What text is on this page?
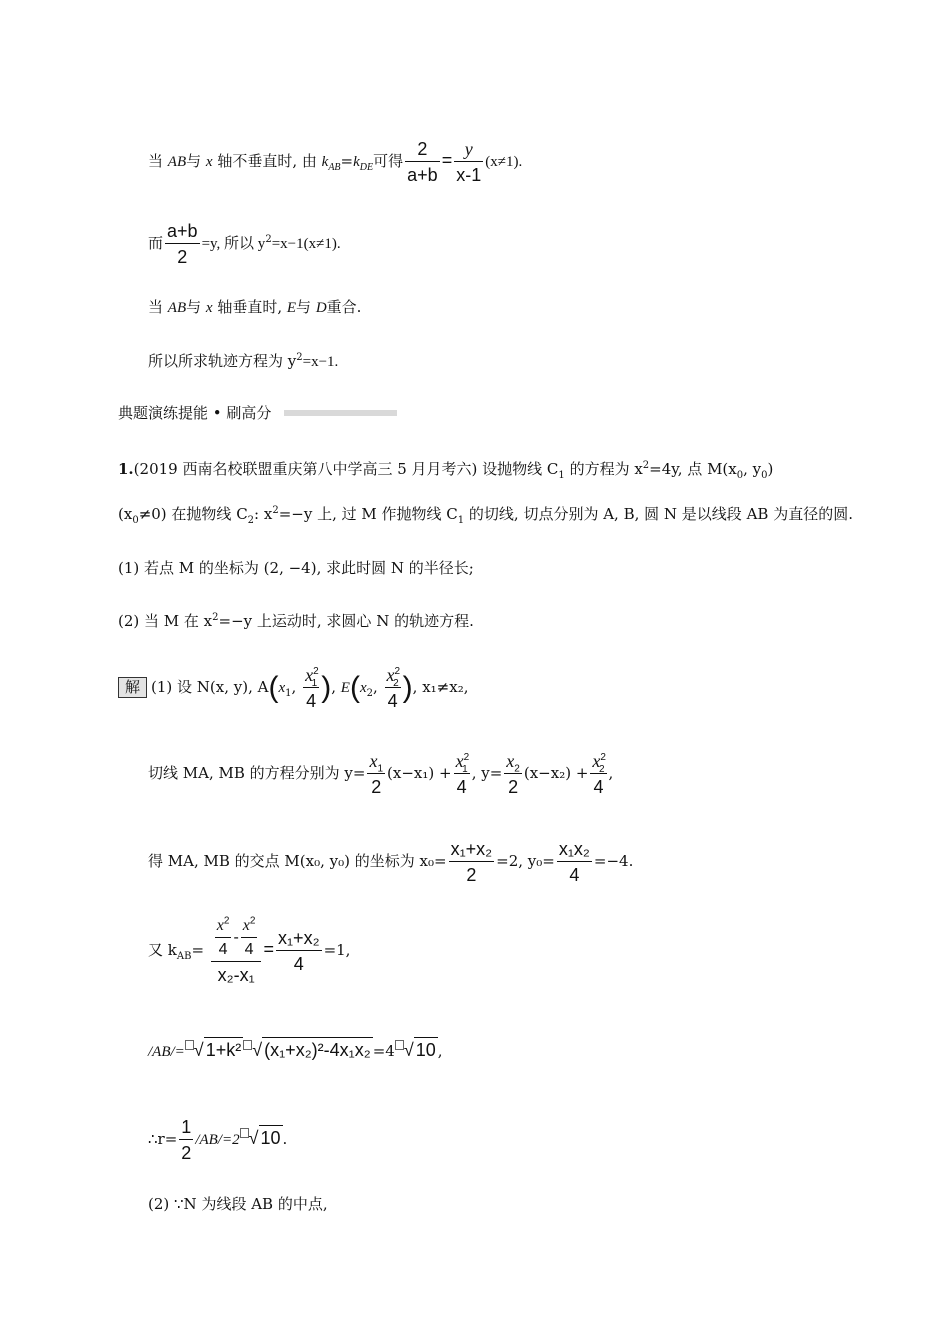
当 AB与 x 轴不垂直时, 由 $k_{AB}=k_{DE}$可得 $\frac{2}{a+b} = \frac{y}{x-1} (x\ne 1)$.
而 $\frac{a+b}{2} =y$, 所以 $y^2=x-1(x\ne 1)$.
当 AB与 x 轴垂直时, E与 D重合.
所以所求轨迹方程为 $y^2=x-1$.
典题演练提能 • 刷高分
1.(2019 西南名校联盟重庆第八中学高三 5 月月考六) 设抛物线 $C_1$ 的方程为 $x^2=4y$, 点 $M(x_0$, $y_0$)
$(x_0\ne 0)$ 在抛物线 $C_2$: $x^2=-y$ 上, 过 M 作抛物线 $C_1$ 的切线, 切点分别为 A, B, 圆 N 是以线段 AB 为直径的圆.
(1) 若点 M 的坐标为 (2, −4), 求此时圆 N 的半径长;
(2) 当 M 在 $x^2=-y$ 上运动时, 求圆心 N 的轨迹方程.
解 (1) 设 N(x, y), $A(x_1$, $\frac{x^2_1}{4}$ ), $E(x_2$, $\frac{x^2_2}{4}$ ), x₁≠x₂,
切线 MA, MB 的方程分别为 $y= \frac{x_1}{2} (x-x_1) + \frac{x^2_1}{4}$ , $y= \frac{x_2}{2} (x-x_2) + \frac{x^2_2}{4}$ ,
得 MA, MB 的交点 M(x₀, y₀) 的坐标为 $x_0= \frac{\text{x₁+x₂}}{2} =2$, $y_0= \frac{\text{x₁x₂}}{4} =-4$.
又 $k_{AB}= \frac{\frac{x^2}{4} - \frac{x^2}{4}}{\text{x₂-x₁}} = \frac{\text{x₁+x₂}}{4} =1$,
/AB/= √ 1+k² √ (x₁+x₂)²-4x₁x₂ =4 √ 10 ,
∴r= $\frac{1}{2} /AB/=2$ √ 10 .
(2) ∵N 为线段 AB 的中点,
